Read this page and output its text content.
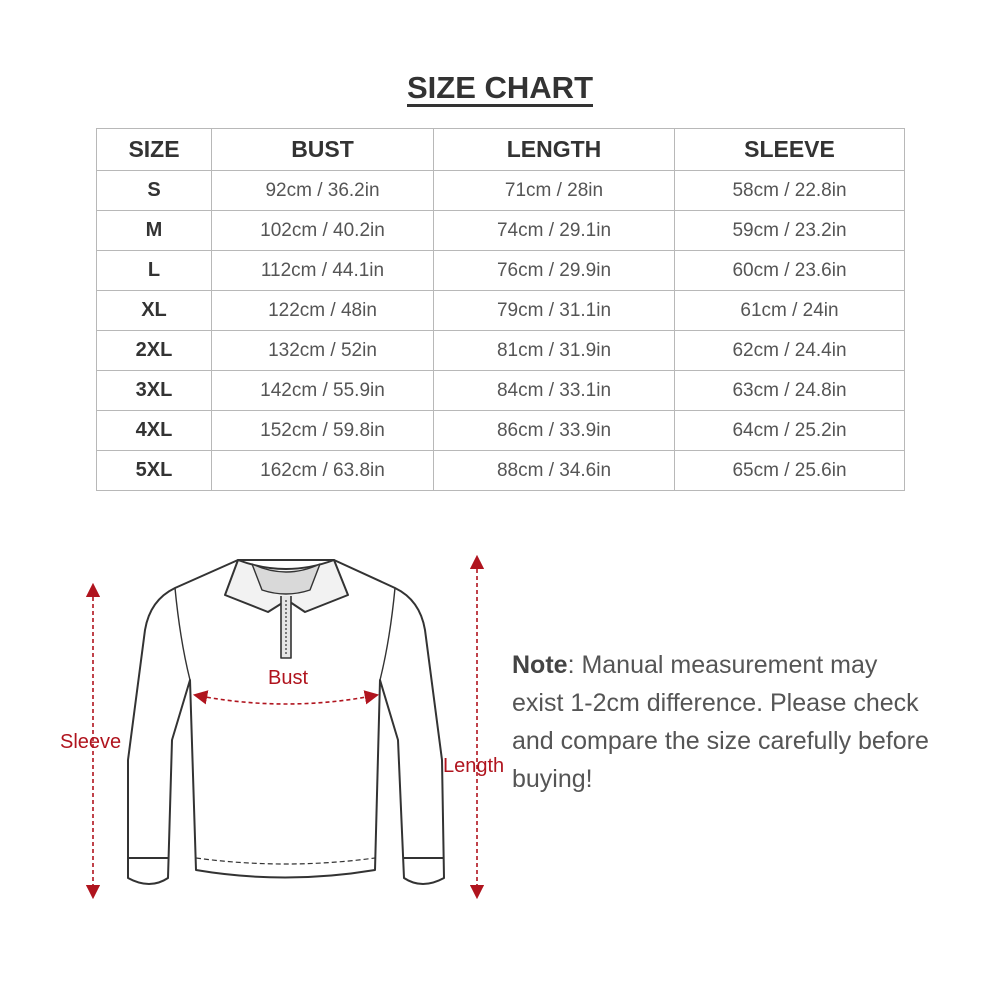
SIZE CHART
SIZE	BUST	LENGTH	SLEEVE
S	92cm / 36.2in	71cm / 28in	58cm / 22.8in
M	102cm / 40.2in	74cm / 29.1in	59cm / 23.2in
L	112cm / 44.1in	76cm / 29.9in	60cm / 23.6in
XL	122cm / 48in	79cm / 31.1in	61cm / 24in
2XL	132cm / 52in	81cm / 31.9in	62cm / 24.4in
3XL	142cm / 55.9in	84cm / 33.1in	63cm / 24.8in
4XL	152cm / 59.8in	86cm / 33.9in	64cm / 25.2in
5XL	162cm / 63.8in	88cm / 34.6in	65cm / 25.6in
Bust
Sleeve
Length
Note: Manual measurement may exist 1-2cm difference. Please check and compare the size carefully before buying!
